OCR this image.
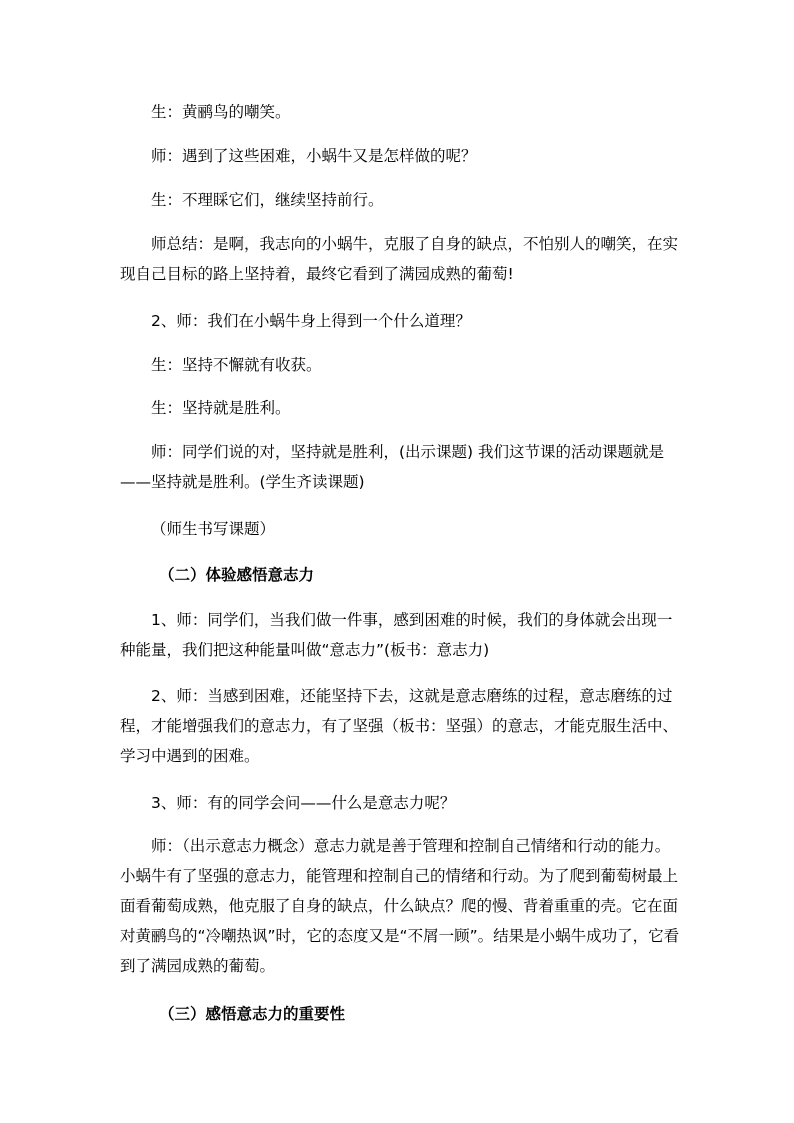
生：黄鹂鸟的嘲笑。

师：遇到了这些困难，小蜗牛又是怎样做的呢？

生：不理睬它们，继续坚持前行。

师总结：是啊，我志向的小蜗牛，克服了自身的缺点，不怕别人的嘲笑，在实现自己目标的路上坚持着，最终它看到了满园成熟的葡萄!

2、师：我们在小蜗牛身上得到一个什么道理？

生：坚持不懈就有收获。

生：坚持就是胜利。

师：同学们说的对，坚持就是胜利，(出示课题) 我们这节课的活动课题就是——坚持就是胜利。(学生齐读课题)

（师生书写课题）

（二）体验感悟意志力

1、师：同学们，当我们做一件事，感到困难的时候，我们的身体就会出现一种能量，我们把这种能量叫做“意志力”(板书：意志力)

2、师：当感到困难，还能坚持下去，这就是意志磨练的过程，意志磨练的过程，才能增强我们的意志力，有了坚强（板书：坚强）的意志，才能克服生活中、学习中遇到的困难。

3、师：有的同学会问——什么是意志力呢？

师：（出示意志力概念）意志力就是善于管理和控制自己情绪和行动的能力。小蜗牛有了坚强的意志力，能管理和控制自己的情绪和行动。为了爬到葡萄树最上面看葡萄成熟，他克服了自身的缺点，什么缺点？爬的慢、背着重重的壳。它在面对黄鹂鸟的“冷嘲热讽”时，它的态度又是“不屑一顾”。结果是小蜗牛成功了，它看到了满园成熟的葡萄。

（三）感悟意志力的重要性
